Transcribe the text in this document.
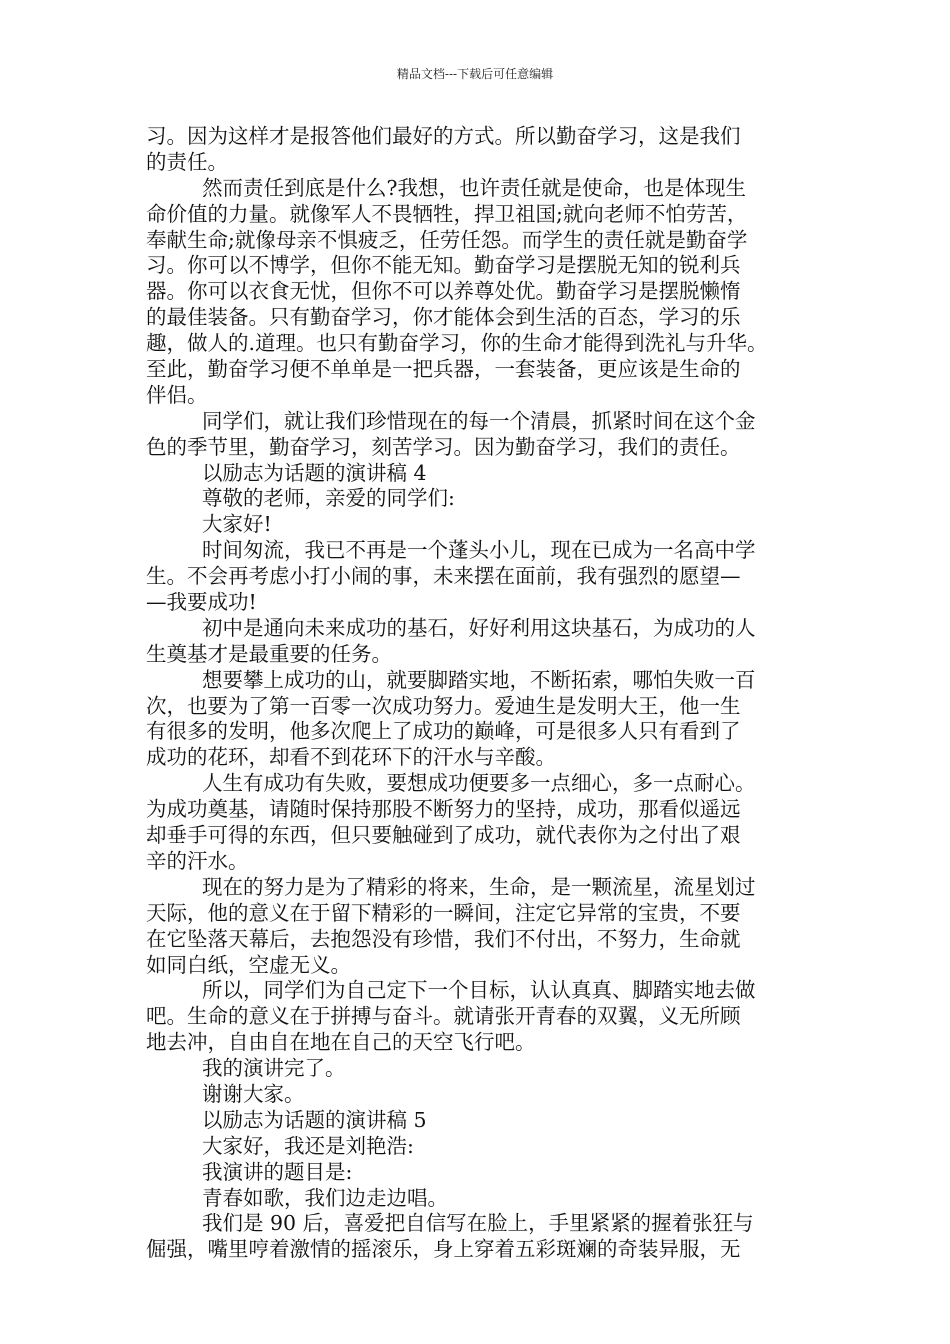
精品文档---下载后可任意编辑
习。因为这样才是报答他们最好的方式。所以勤奋学习，这是我们
的责任。
然而责任到底是什么?我想，也许责任就是使命，也是体现生
命价值的力量。就像军人不畏牺牲，捍卫祖国;就向老师不怕劳苦，
奉献生命;就像母亲不惧疲乏，任劳任怨。而学生的责任就是勤奋学
习。你可以不博学，但你不能无知。勤奋学习是摆脱无知的锐利兵
器。你可以衣食无忧，但你不可以养尊处优。勤奋学习是摆脱懒惰
的最佳装备。只有勤奋学习，你才能体会到生活的百态，学习的乐
趣，做人的.道理。也只有勤奋学习，你的生命才能得到洗礼与升华。
至此，勤奋学习便不单单是一把兵器，一套装备，更应该是生命的
伴侣。
同学们，就让我们珍惜现在的每一个清晨，抓紧时间在这个金
色的季节里，勤奋学习，刻苦学习。因为勤奋学习，我们的责任。
以励志为话题的演讲稿 4
尊敬的老师，亲爱的同学们:
大家好!
时间匆流，我已不再是一个蓬头小儿，现在已成为一名高中学
生。不会再考虑小打小闹的事，未来摆在面前，我有强烈的愿望—
—我要成功!
初中是通向未来成功的基石，好好利用这块基石，为成功的人
生奠基才是最重要的任务。
想要攀上成功的山，就要脚踏实地，不断拓索，哪怕失败一百
次，也要为了第一百零一次成功努力。爱迪生是发明大王，他一生
有很多的发明，他多次爬上了成功的巅峰，可是很多人只有看到了
成功的花环，却看不到花环下的汗水与辛酸。
人生有成功有失败，要想成功便要多一点细心，多一点耐心。
为成功奠基，请随时保持那股不断努力的坚持，成功，那看似遥远
却垂手可得的东西，但只要触碰到了成功，就代表你为之付出了艰
辛的汗水。
现在的努力是为了精彩的将来，生命，是一颗流星，流星划过
天际，他的意义在于留下精彩的一瞬间，注定它异常的宝贵，不要
在它坠落天幕后，去抱怨没有珍惜，我们不付出，不努力，生命就
如同白纸，空虚无义。
所以，同学们为自己定下一个目标，认认真真、脚踏实地去做
吧。生命的意义在于拼搏与奋斗。就请张开青春的双翼，义无所顾
地去冲，自由自在地在自己的天空飞行吧。
我的演讲完了。
谢谢大家。
以励志为话题的演讲稿 5
大家好，我还是刘艳浩:
我演讲的题目是:
青春如歌，我们边走边唱。
我们是 90 后，喜爱把自信写在脸上，手里紧紧的握着张狂与
倔强，嘴里哼着激情的摇滚乐，身上穿着五彩斑斓的奇装异服，无
